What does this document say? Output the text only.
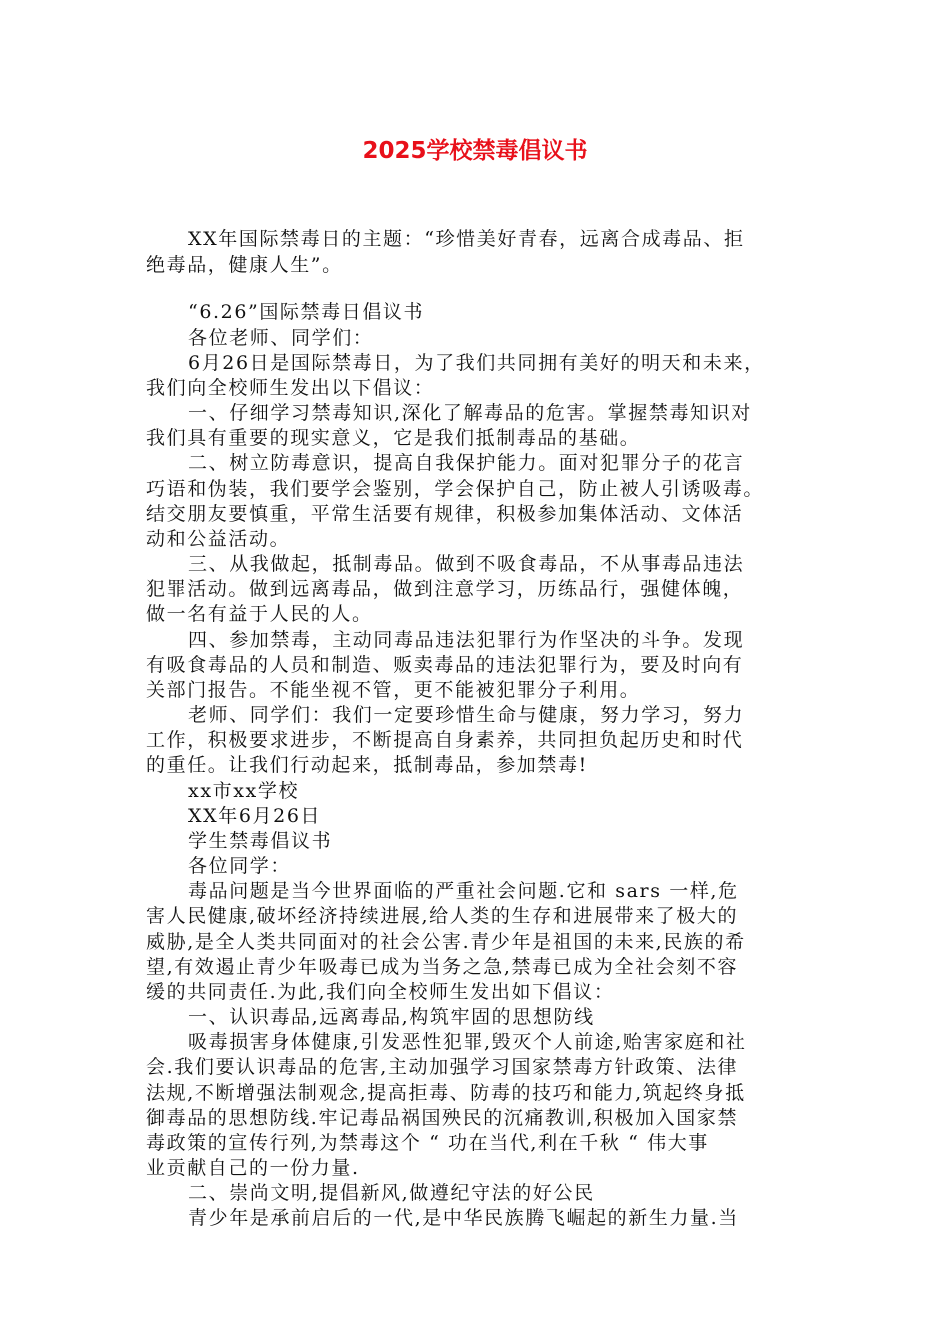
2025学校禁毒倡议书

XX年国际禁毒日的主题：“珍惜美好青春，远离合成毒品、拒

绝毒品，健康人生”。

“6.26”国际禁毒日倡议书

各位老师、同学们：

6月26日是国际禁毒日，为了我们共同拥有美好的明天和未来，

我们向全校师生发出以下倡议：

一、仔细学习禁毒知识,深化了解毒品的危害。掌握禁毒知识对

我们具有重要的现实意义，它是我们抵制毒品的基础。

二、树立防毒意识，提高自我保护能力。面对犯罪分子的花言

巧语和伪装，我们要学会鉴别，学会保护自己，防止被人引诱吸毒。

结交朋友要慎重，平常生活要有规律，积极参加集体活动、文体活

动和公益活动。

三、从我做起，抵制毒品。做到不吸食毒品，不从事毒品违法

犯罪活动。做到远离毒品，做到注意学习，历练品行，强健体魄，

做一名有益于人民的人。

四、参加禁毒，主动同毒品违法犯罪行为作坚决的斗争。发现

有吸食毒品的人员和制造、贩卖毒品的违法犯罪行为，要及时向有

关部门报告。不能坐视不管，更不能被犯罪分子利用。

老师、同学们：我们一定要珍惜生命与健康，努力学习，努力

工作，积极要求进步，不断提高自身素养，共同担负起历史和时代

的重任。让我们行动起来，抵制毒品，参加禁毒!

xx市xx学校

XX年6月26日

学生禁毒倡议书

各位同学：

毒品问题是当今世界面临的严重社会问题.它和 sars 一样,危

害人民健康,破坏经济持续进展,给人类的生存和进展带来了极大的

威胁,是全人类共同面对的社会公害.青少年是祖国的未来,民族的希

望,有效遏止青少年吸毒已成为当务之急,禁毒已成为全社会刻不容

缓的共同责任.为此,我们向全校师生发出如下倡议：

一、认识毒品,远离毒品,构筑牢固的思想防线

吸毒损害身体健康,引发恶性犯罪,毁灭个人前途,贻害家庭和社

会.我们要认识毒品的危害,主动加强学习国家禁毒方针政策、法律

法规,不断增强法制观念,提高拒毒、防毒的技巧和能力,筑起终身抵

御毒品的思想防线.牢记毒品祸国殃民的沉痛教训,积极加入国家禁

毒政策的宣传行列,为禁毒这个 “ 功在当代,利在千秋 “ 伟大事

业贡献自己的一份力量.

二、崇尚文明,提倡新风,做遵纪守法的好公民

青少年是承前启后的一代,是中华民族腾飞崛起的新生力量.当
